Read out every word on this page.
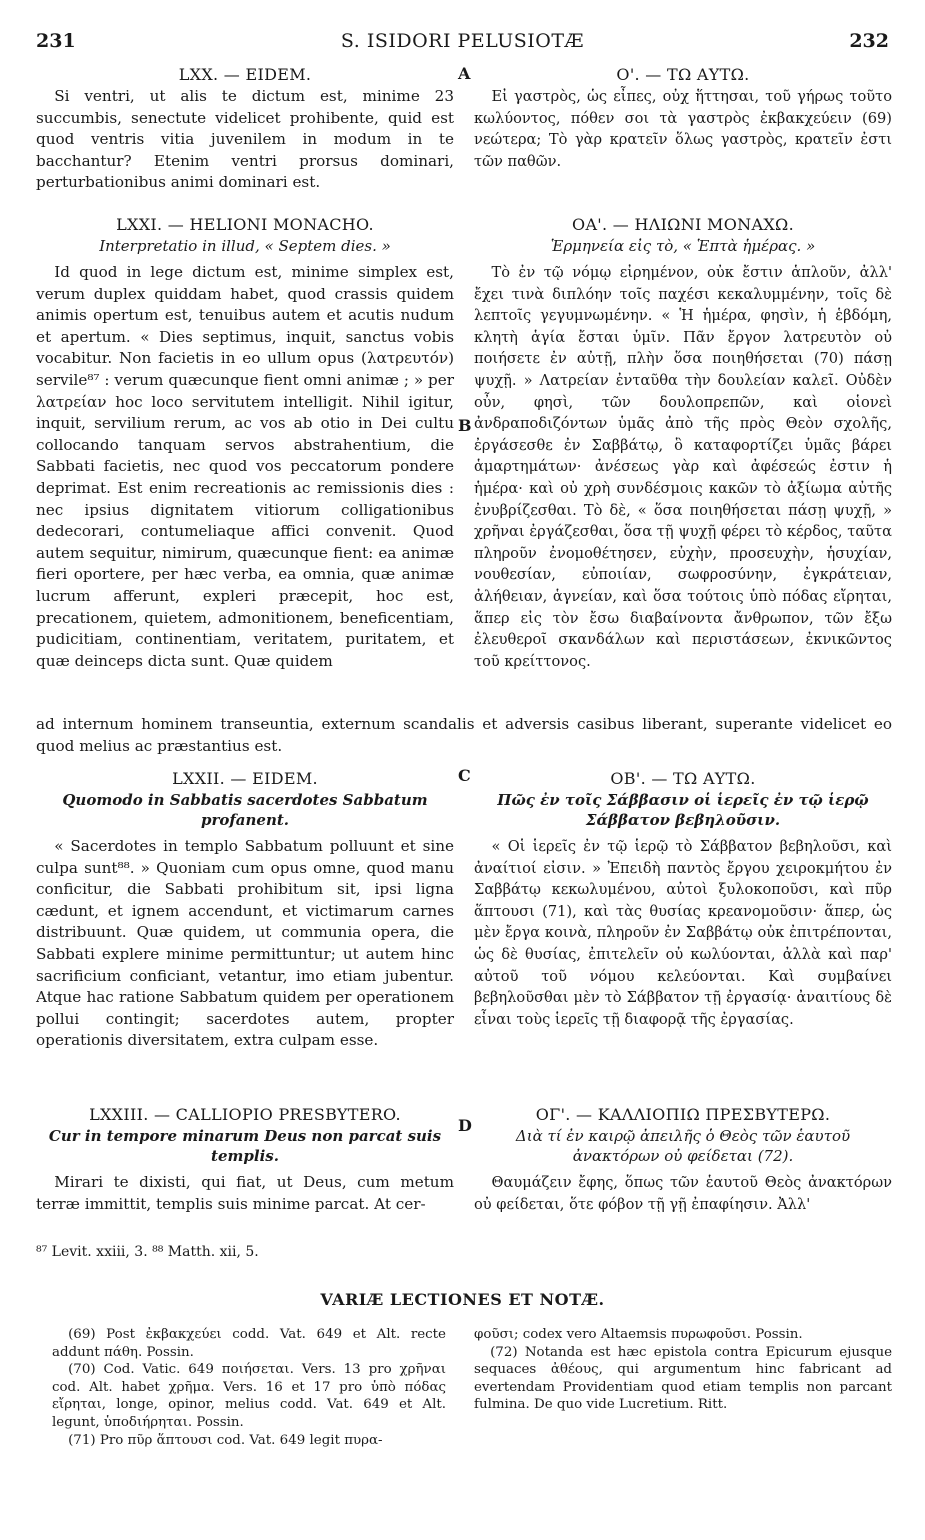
231	S. ISIDORI PELUSIOTÆ	232
A
B
C
D

LXX. — EIDEM.

Si ventri, ut alis te dictum est, minime 23 succumbis, senectute videlicet prohibente, quid est quod ventris vitia juvenilem in modum in te bacchantur? Etenim ventri prorsus dominari, perturbationibus animi dominari est.

Ο'. — ΤΩ ΑΥΤΩ.

Εἰ γαστρὸς, ὡς εἶπες, οὐχ ἥττησαι, τοῦ γήρως τοῦτο κωλύοντος, πόθεν σοι τὰ γαστρὸς ἐκβακχεύειν (69) νεώτερα; Τὸ γὰρ κρατεῖν ὅλως γαστρὸς, κρατεῖν ἐστι τῶν παθῶν.

LXXI. — HELIONI MONACHO.

Interpretatio in illud, « Septem dies. »

Id quod in lege dictum est, minime simplex est, verum duplex quiddam habet, quod crassis quidem animis opertum est, tenuibus autem et acutis nudum et apertum. « Dies septimus, inquit, sanctus vobis vocabitur. Non facietis in eo ullum opus (λατρευτόν) servile⁸⁷ : verum quæcunque fient omni animæ ; » per λατρείαν hoc loco servitutem intelligit. Nihil igitur, inquit, servilium rerum, ac vos ab otio in Dei cultu collocando tanquam servos abstrahentium, die Sabbati facietis, nec quod vos peccatorum pondere deprimat. Est enim recreationis ac remissionis dies : nec ipsius dignitatem vitiorum colligationibus dedecorari, contumeliaque affici convenit. Quod autem sequitur, nimirum, quæcunque fient: ea animæ fieri oportere, per hæc verba, ea omnia, quæ animæ lucrum afferunt, expleri præcepit, hoc est, precationem, quietem, admonitionem, beneficentiam, pudicitiam, continentiam, veritatem, puritatem, et quæ deinceps dicta sunt. Quæ quidem

ΟΑ'. — ΗΛΙΩΝΙ ΜΟΝΑΧΩ.

Ἑρμηνεία εἰς τὸ, « Ἑπτὰ ἡμέρας. »

Τὸ ἐν τῷ νόμῳ εἰρημένον, οὐκ ἔστιν ἁπλοῦν, ἀλλ' ἔχει τινὰ διπλόην τοῖς παχέσι κεκαλυμμένην, τοῖς δὲ λεπτοῖς γεγυμνωμένην. « Ἡ ἡμέρα, φησὶν, ἡ ἑβδόμη, κλητὴ ἁγία ἔσται ὑμῖν. Πᾶν ἔργον λατρευτὸν οὐ ποιήσετε ἐν αὐτῇ, πλὴν ὅσα ποιηθήσεται (70) πάσῃ ψυχῇ. » Λατρείαν ἐνταῦθα τὴν δουλείαν καλεῖ. Οὐδὲν οὖν, φησὶ, τῶν δουλοπρεπῶν, καὶ οἱονεὶ ἀνδραποδιζόντων ὑμᾶς ἀπὸ τῆς πρὸς Θεὸν σχολῆς, ἐργάσεσθε ἐν Σαββάτῳ, ὃ καταφορτίζει ὑμᾶς βάρει ἁμαρτημάτων· ἀνέσεως γὰρ καὶ ἀφέσεώς ἐστιν ἡ ἡμέρα· καὶ οὐ χρὴ συνδέσμοις κακῶν τὸ ἀξίωμα αὐτῆς ἐνυβρίζεσθαι. Τὸ δὲ, « ὅσα ποιηθήσεται πάσῃ ψυχῇ, » χρῆναι ἐργάζεσθαι, ὅσα τῇ ψυχῇ φέρει τὸ κέρδος, ταῦτα πληροῦν ἐνομοθέτησεν, εὐχὴν, προσευχὴν, ἡσυχίαν, νουθεσίαν, εὐποιίαν, σωφροσύνην, ἐγκράτειαν, ἀλήθειαν, ἁγνείαν, καὶ ὅσα τούτοις ὑπὸ πόδας εἴρηται, ἅπερ εἰς τὸν ἔσω διαβαίνοντα ἄνθρωπον, τῶν ἔξω ἐλευθεροῖ σκανδάλων καὶ περιστάσεων, ἐκνικῶντος τοῦ κρείττονος.

ad internum hominem transeuntia, externum scandalis et adversis casibus liberant, superante videlicet eo quod melius ac præstantius est.

LXXII. — EIDEM.

Quomodo in Sabbatis sacerdotes Sabbatum profanent.

« Sacerdotes in templo Sabbatum polluunt et sine culpa sunt⁸⁸. » Quoniam cum opus omne, quod manu conficitur, die Sabbati prohibitum sit, ipsi ligna cædunt, et ignem accendunt, et victimarum carnes distribuunt. Quæ quidem, ut communia opera, die Sabbati explere minime permittuntur; ut autem hinc sacrificium conficiant, vetantur, imo etiam jubentur. Atque hac ratione Sabbatum quidem per operationem pollui contingit; sacerdotes autem, propter operationis diversitatem, extra culpam esse.

ΟΒ'. — ΤΩ ΑΥΤΩ.

Πῶς ἐν τοῖς Σάββασιν οἱ ἱερεῖς ἐν τῷ ἱερῷ Σάββατον βεβηλοῦσιν.

« Οἱ ἱερεῖς ἐν τῷ ἱερῷ τὸ Σάββατον βεβηλοῦσι, καὶ ἀναίτιοί εἰσιν. » Ἐπειδὴ παντὸς ἔργου χειροκμήτου ἐν Σαββάτῳ κεκωλυμένου, αὐτοὶ ξυλοκοποῦσι, καὶ πῦρ ἅπτουσι (71), καὶ τὰς θυσίας κρεανομοῦσιν· ἅπερ, ὡς μὲν ἔργα κοινὰ, πληροῦν ἐν Σαββάτῳ οὐκ ἐπιτρέπονται, ὡς δὲ θυσίας, ἐπιτελεῖν οὐ κωλύονται, ἀλλὰ καὶ παρ' αὐτοῦ τοῦ νόμου κελεύονται. Καὶ συμβαίνει βεβηλοῦσθαι μὲν τὸ Σάββατον τῇ ἐργασίᾳ· ἀναιτίους δὲ εἶναι τοὺς ἱερεῖς τῇ διαφορᾷ τῆς ἐργασίας.

LXXIII. — CALLIOPIO PRESBYTERO.

Cur in tempore minarum Deus non parcat suis templis.

Mirari te dixisti, qui fiat, ut Deus, cum metum terræ immittit, templis suis minime parcat. At cer-

ΟΓ'. — ΚΑΛΛΙΟΠΙΩ ΠΡΕΣΒΥΤΕΡΩ.

Διὰ τί ἐν καιρῷ ἀπειλῆς ὁ Θεὸς τῶν ἑαυτοῦ ἀνακτόρων οὐ φείδεται (72).

Θαυμάζειν ἔφης, ὅπως τῶν ἑαυτοῦ Θεὸς ἀνακτόρων οὐ φείδεται, ὅτε φόβον τῇ γῇ ἐπαφίησιν. Ἀλλ'

⁸⁷ Levit. xxiii, 3. ⁸⁸ Matth. xii, 5.
VARIÆ LECTIONES ET NOTÆ.

(69) Post ἐκβακχεύει codd. Vat. 649 et Alt. recte addunt πάθη. Possin.

(70) Cod. Vatic. 649 ποιήσεται. Vers. 13 pro χρῆναι cod. Alt. habet χρῆμα. Vers. 16 et 17 pro ὑπὸ πόδας εἴρηται, longe, opinor, melius codd. Vat. 649 et Alt. legunt, ὑποδιήρηται. Possin.

(71) Pro πῦρ ἅπτουσι cod. Vat. 649 legit πυρα-

φοῦσι; codex vero Altaemsis πυρωφοῦσι. Possin.

(72) Notanda est hæc epistola contra Epicurum ejusque sequaces ἀθέους, qui argumentum hinc fabricant ad evertendam Providentiam quod etiam templis non parcant fulmina. De quo vide Lucretium. Ritt.
